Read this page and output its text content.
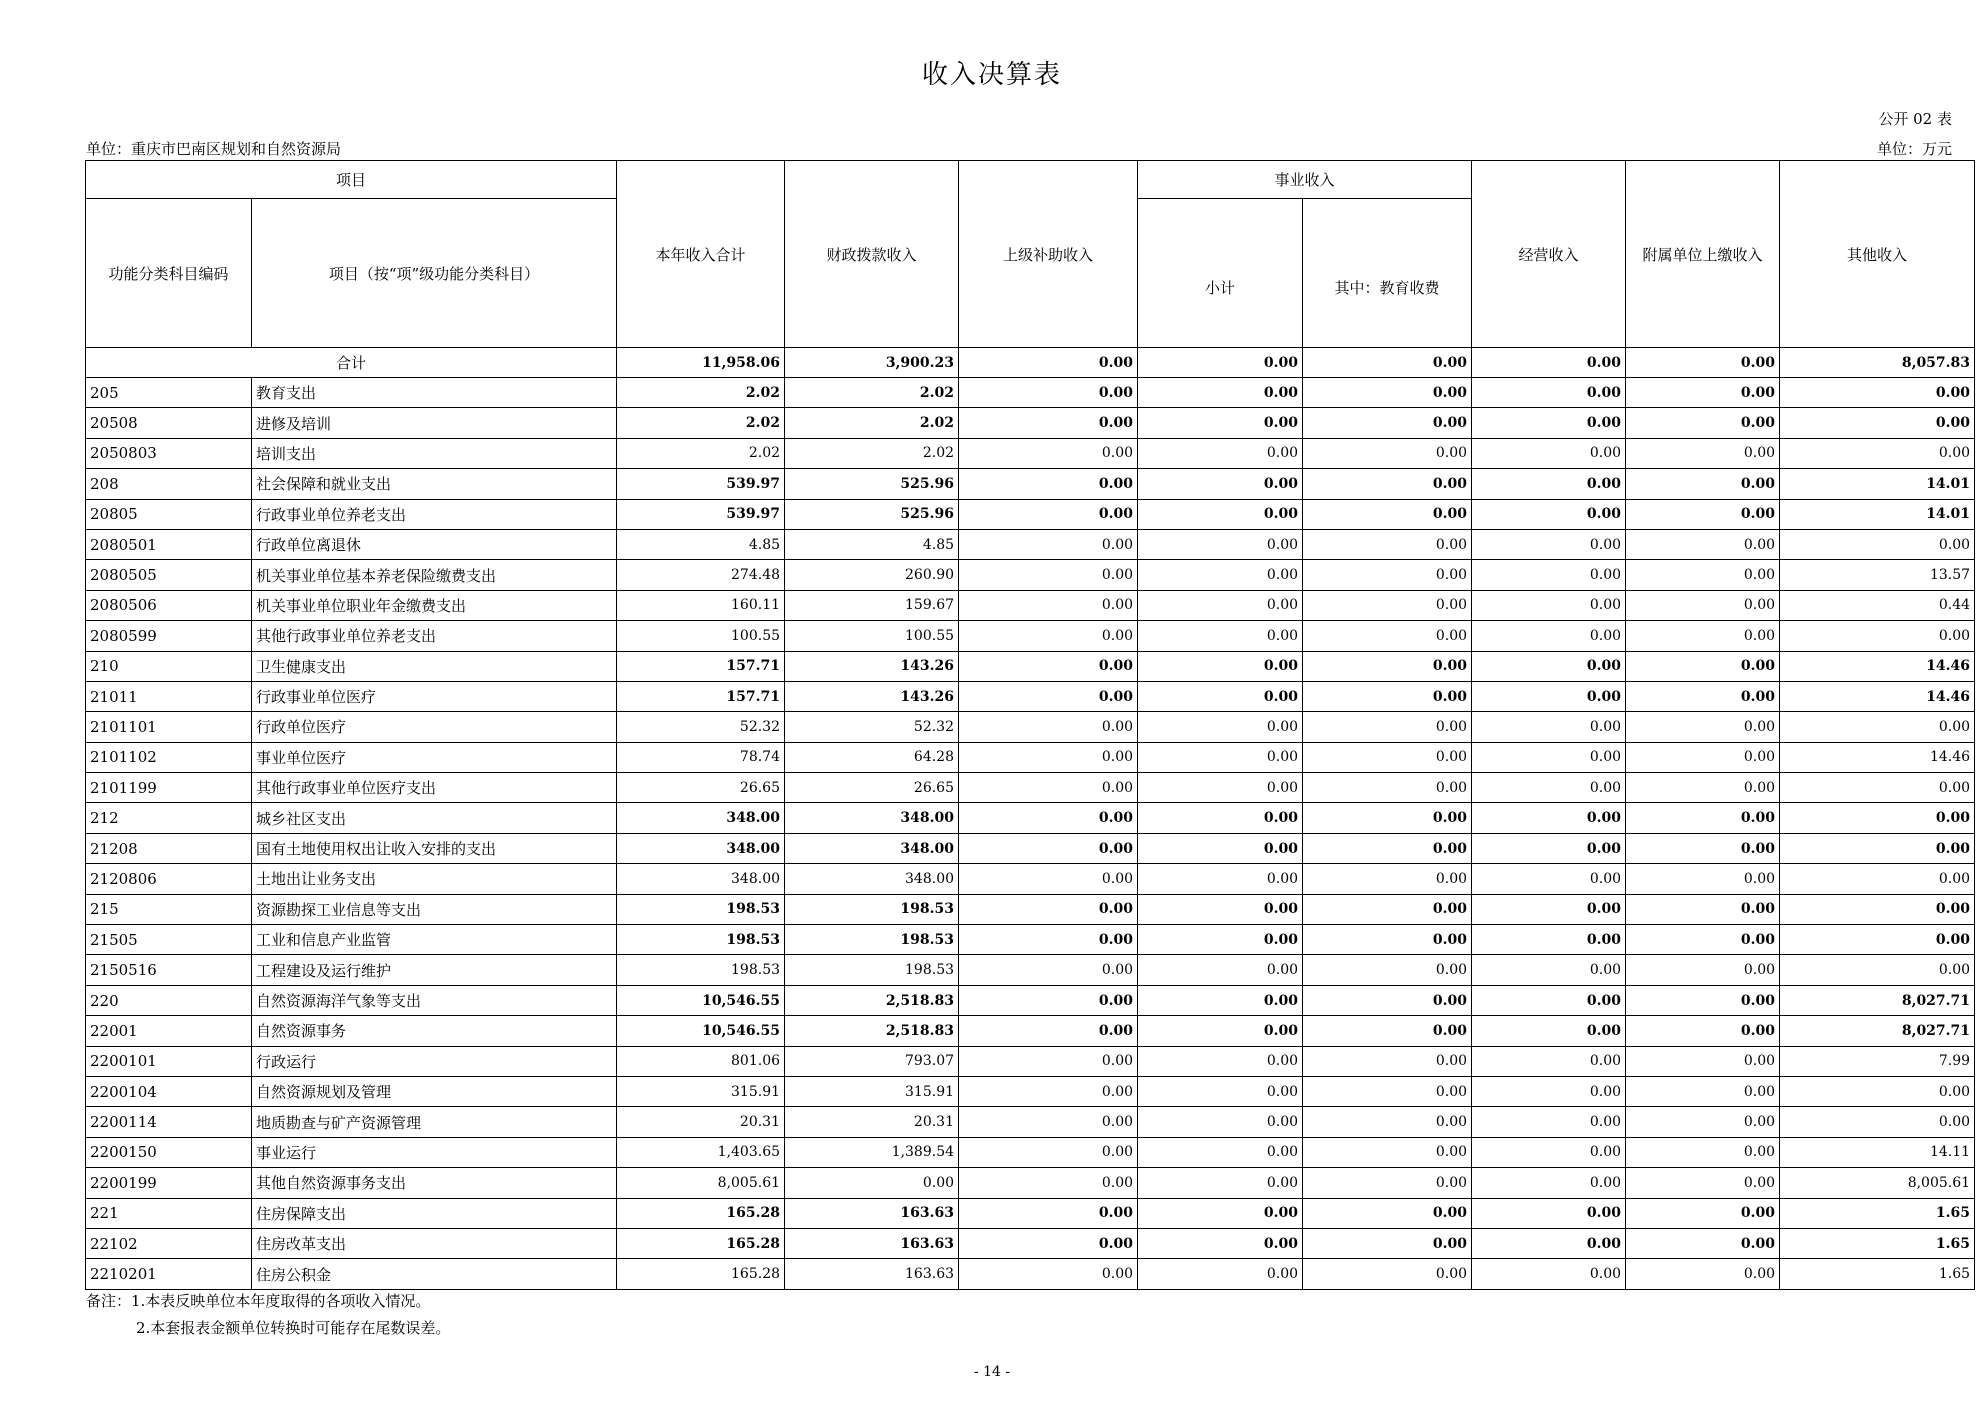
收入决算表
公开 02 表
单位：重庆市巴南区规划和自然资源局	单位：万元
项目		本年收入合计	财政拨款收入	上级补助收入	事业收入		经营收入	附属单位上缴收入	其他收入
功能分类科目编码	项目（按“项”级功能分类科目）				小计	其中：教育收费			
合计		11,958.06	3,900.23	0.00	0.00	0.00	0.00	0.00	8,057.83
205	教育支出	2.02	2.02	0.00	0.00	0.00	0.00	0.00	0.00
20508	进修及培训	2.02	2.02	0.00	0.00	0.00	0.00	0.00	0.00
2050803	培训支出	2.02	2.02	0.00	0.00	0.00	0.00	0.00	0.00
208	社会保障和就业支出	539.97	525.96	0.00	0.00	0.00	0.00	0.00	14.01
20805	行政事业单位养老支出	539.97	525.96	0.00	0.00	0.00	0.00	0.00	14.01
2080501	行政单位离退休	4.85	4.85	0.00	0.00	0.00	0.00	0.00	0.00
2080505	机关事业单位基本养老保险缴费支出	274.48	260.90	0.00	0.00	0.00	0.00	0.00	13.57
2080506	机关事业单位职业年金缴费支出	160.11	159.67	0.00	0.00	0.00	0.00	0.00	0.44
2080599	其他行政事业单位养老支出	100.55	100.55	0.00	0.00	0.00	0.00	0.00	0.00
210	卫生健康支出	157.71	143.26	0.00	0.00	0.00	0.00	0.00	14.46
21011	行政事业单位医疗	157.71	143.26	0.00	0.00	0.00	0.00	0.00	14.46
2101101	行政单位医疗	52.32	52.32	0.00	0.00	0.00	0.00	0.00	0.00
2101102	事业单位医疗	78.74	64.28	0.00	0.00	0.00	0.00	0.00	14.46
2101199	其他行政事业单位医疗支出	26.65	26.65	0.00	0.00	0.00	0.00	0.00	0.00
212	城乡社区支出	348.00	348.00	0.00	0.00	0.00	0.00	0.00	0.00
21208	国有土地使用权出让收入安排的支出	348.00	348.00	0.00	0.00	0.00	0.00	0.00	0.00
2120806	土地出让业务支出	348.00	348.00	0.00	0.00	0.00	0.00	0.00	0.00
215	资源勘探工业信息等支出	198.53	198.53	0.00	0.00	0.00	0.00	0.00	0.00
21505	工业和信息产业监管	198.53	198.53	0.00	0.00	0.00	0.00	0.00	0.00
2150516	工程建设及运行维护	198.53	198.53	0.00	0.00	0.00	0.00	0.00	0.00
220	自然资源海洋气象等支出	10,546.55	2,518.83	0.00	0.00	0.00	0.00	0.00	8,027.71
22001	自然资源事务	10,546.55	2,518.83	0.00	0.00	0.00	0.00	0.00	8,027.71
2200101	行政运行	801.06	793.07	0.00	0.00	0.00	0.00	0.00	7.99
2200104	自然资源规划及管理	315.91	315.91	0.00	0.00	0.00	0.00	0.00	0.00
2200114	地质勘查与矿产资源管理	20.31	20.31	0.00	0.00	0.00	0.00	0.00	0.00
2200150	事业运行	1,403.65	1,389.54	0.00	0.00	0.00	0.00	0.00	14.11
2200199	其他自然资源事务支出	8,005.61	0.00	0.00	0.00	0.00	0.00	0.00	8,005.61
221	住房保障支出	165.28	163.63	0.00	0.00	0.00	0.00	0.00	1.65
22102	住房改革支出	165.28	163.63	0.00	0.00	0.00	0.00	0.00	1.65
2210201	住房公积金	165.28	163.63	0.00	0.00	0.00	0.00	0.00	1.65
备注：1.本表反映单位本年度取得的各项收入情况。
2.本套报表金额单位转换时可能存在尾数误差。
- 14 -
